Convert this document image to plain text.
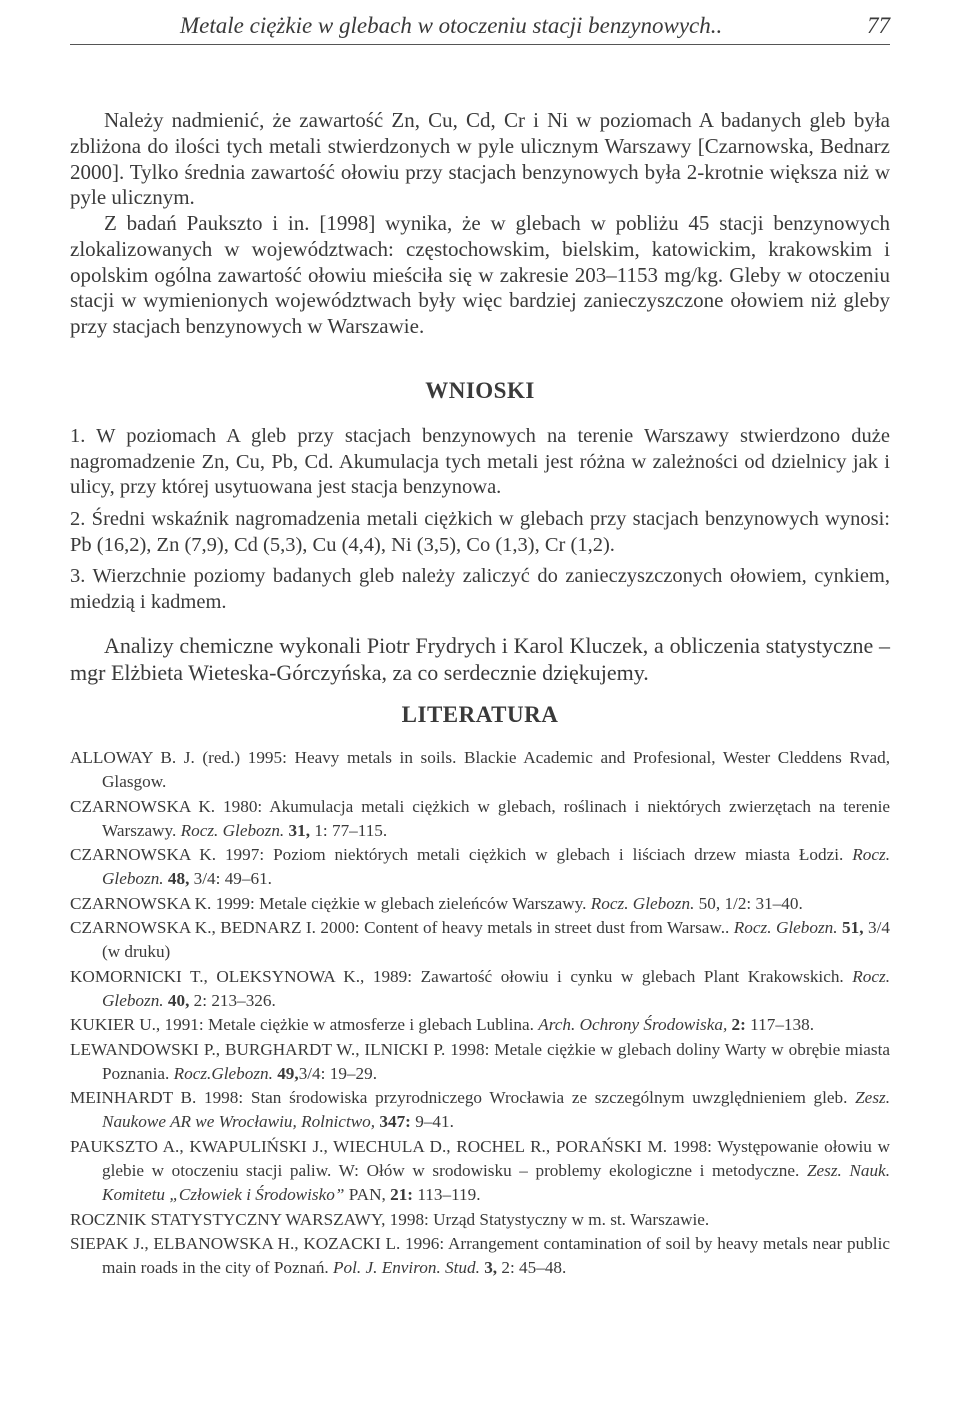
Metale ciężkie w glebach w otoczeniu stacji benzynowych..	77

Należy nadmienić, że zawartość Zn, Cu, Cd, Cr i Ni w poziomach A badanych gleb była zbliżona do ilości tych metali stwierdzonych w pyle ulicznym Warszawy [Czarnowska, Bednarz 2000]. Tylko średnia zawartość ołowiu przy stacjach benzynowych była 2-krotnie większa niż w pyle ulicznym.

Z badań Paukszto i in. [1998] wynika, że w glebach w pobliżu 45 stacji benzynowych zlokalizowanych w województwach: częstochowskim, bielskim, katowickim, krakowskim i opolskim ogólna zawartość ołowiu mieściła się w zakresie 203–1153 mg/kg. Gleby w otoczeniu stacji w wymienionych województwach były więc bardziej zanieczyszczone ołowiem niż gleby przy stacjach benzynowych w Warszawie.

WNIOSKI

1. W poziomach A gleb przy stacjach benzynowych na terenie Warszawy stwierdzono duże nagromadzenie Zn, Cu, Pb, Cd. Akumulacja tych metali jest różna w zależności od dzielnicy jak i ulicy, przy której usytuowana jest stacja benzynowa.

2. Średni wskaźnik nagromadzenia metali ciężkich w glebach przy stacjach benzynowych wynosi: Pb (16,2), Zn (7,9), Cd (5,3), Cu (4,4), Ni (3,5), Co (1,3), Cr (1,2).

3. Wierzchnie poziomy badanych gleb należy zaliczyć do zanieczyszczonych ołowiem, cynkiem, miedzią i kadmem.

Analizy chemiczne wykonali Piotr Frydrych i Karol Kluczek, a obliczenia statystyczne – mgr Elżbieta Wieteska-Górczyńska, za co serdecznie dziękujemy.

LITERATURA
ALLOWAY B. J. (red.) 1995: Heavy metals in soils. Blackie Academic and Profesional, Wester Cleddens Rvad, Glasgow.
CZARNOWSKA K. 1980: Akumulacja metali ciężkich w glebach, roślinach i niektórych zwierzętach na terenie Warszawy. Rocz. Glebozn. 31, 1: 77–115.
CZARNOWSKA K. 1997: Poziom niektórych metali ciężkich w glebach i liściach drzew miasta Łodzi. Rocz. Glebozn. 48, 3/4: 49–61.
CZARNOWSKA K. 1999: Metale ciężkie w glebach zieleńców Warszawy. Rocz. Glebozn. 50, 1/2: 31–40.
CZARNOWSKA K., BEDNARZ I. 2000: Content of heavy metals in street dust from Warsaw.. Rocz. Glebozn. 51, 3/4 (w druku)
KOMORNICKI T., OLEKSYNOWA K., 1989: Zawartość ołowiu i cynku w glebach Plant Krakowskich. Rocz. Glebozn. 40, 2: 213–326.
KUKIER U., 1991: Metale ciężkie w atmosferze i glebach Lublina. Arch. Ochrony Środowiska, 2: 117–138.
LEWANDOWSKI P., BURGHARDT W., ILNICKI P. 1998: Metale ciężkie w glebach doliny Warty w obrębie miasta Poznania. Rocz.Glebozn. 49,3/4: 19–29.
MEINHARDT B. 1998: Stan środowiska przyrodniczego Wrocławia ze szczególnym uwzględnieniem gleb. Zesz. Naukowe AR we Wrocławiu, Rolnictwo, 347: 9–41.
PAUKSZTO A., KWAPULIŃSKI J., WIECHULA D., ROCHEL R., PORAŃSKI M. 1998: Występowanie ołowiu w glebie w otoczeniu stacji paliw. W: Ołów w srodowisku – problemy ekologiczne i metodyczne. Zesz. Nauk. Komitetu „Człowiek i Środowisko” PAN, 21: 113–119.
ROCZNIK STATYSTYCZNY WARSZAWY, 1998: Urząd Statystyczny w m. st. Warszawie.
SIEPAK J., ELBANOWSKA H., KOZACKI L. 1996: Arrangement contamination of soil by heavy metals near public main roads in the city of Poznań. Pol. J. Environ. Stud. 3, 2: 45–48.
